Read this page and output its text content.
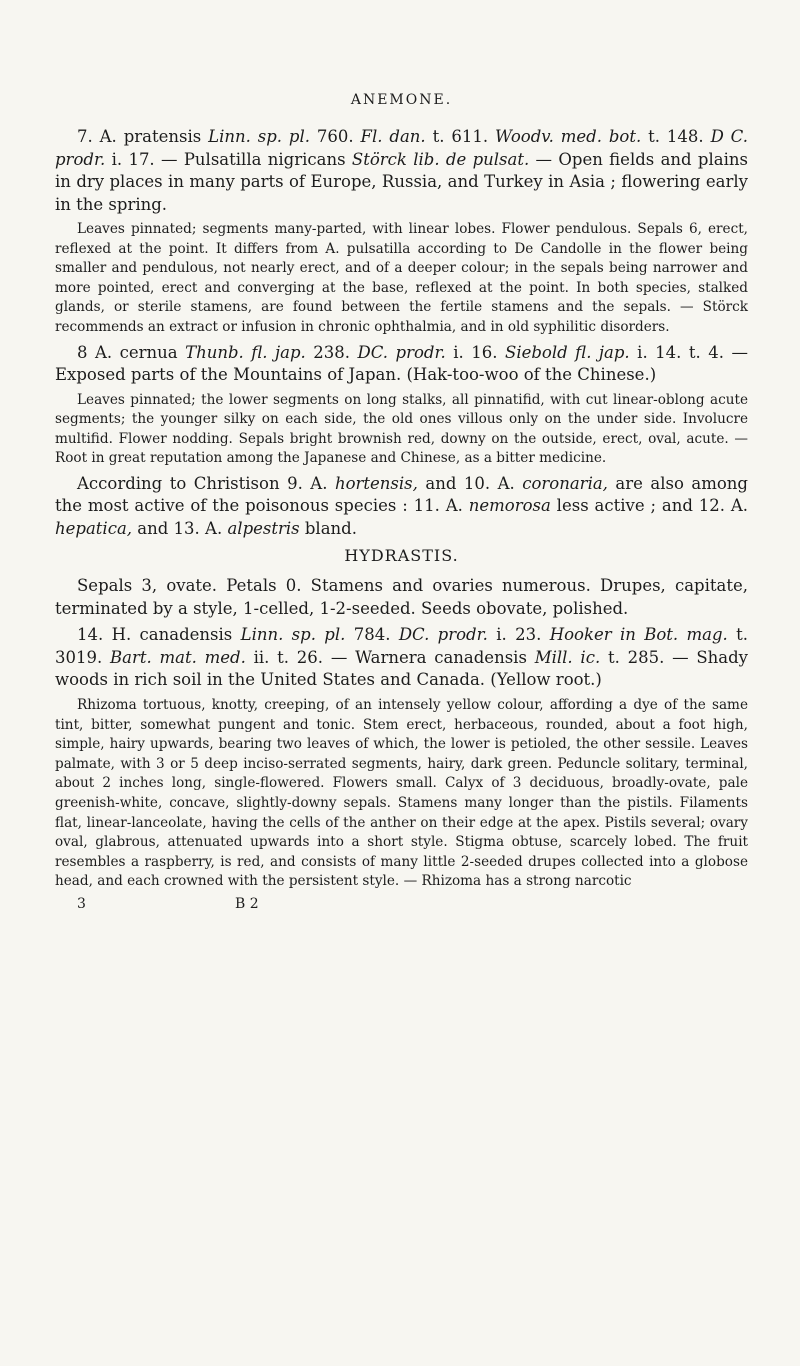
ANEMONE.

7. A. pratensis Linn. sp. pl. 760. Fl. dan. t. 611. Woodv. med. bot. t. 148. D C. prodr. i. 17. — Pulsatilla nigricans Störck lib. de pulsat. — Open fields and plains in dry places in many parts of Europe, Russia, and Turkey in Asia ; flowering early in the spring.

Leaves pinnated; segments many-parted, with linear lobes. Flower pendulous. Sepals 6, erect, reflexed at the point. It differs from A. pulsatilla according to De Candolle in the flower being smaller and pendulous, not nearly erect, and of a deeper colour; in the sepals being narrower and more pointed, erect and converging at the base, reflexed at the point. In both species, stalked glands, or sterile stamens, are found between the fertile stamens and the sepals. — Störck recommends an extract or infusion in chronic ophthalmia, and in old syphilitic disorders.

8 A. cernua Thunb. fl. jap. 238. DC. prodr. i. 16. Siebold fl. jap. i. 14. t. 4. — Exposed parts of the Mountains of Japan. (Hak-too-woo of the Chinese.)

Leaves pinnated; the lower segments on long stalks, all pinnatifid, with cut linear-oblong acute segments; the younger silky on each side, the old ones villous only on the under side. Involucre multifid. Flower nodding. Sepals bright brownish red, downy on the outside, erect, oval, acute. — Root in great reputation among the Japanese and Chinese, as a bitter medicine.

According to Christison 9. A. hortensis, and 10. A. coronaria, are also among the most active of the poisonous species : 11. A. nemorosa less active ; and 12. A. hepatica, and 13. A. alpestris bland.

HYDRASTIS.

Sepals 3, ovate. Petals 0. Stamens and ovaries numerous. Drupes, capitate, terminated by a style, 1-celled, 1-2-seeded. Seeds obovate, polished.

14. H. canadensis Linn. sp. pl. 784. DC. prodr. i. 23. Hooker in Bot. mag. t. 3019. Bart. mat. med. ii. t. 26. — Warnera canadensis Mill. ic. t. 285. — Shady woods in rich soil in the United States and Canada. (Yellow root.)

Rhizoma tortuous, knotty, creeping, of an intensely yellow colour, affording a dye of the same tint, bitter, somewhat pungent and tonic. Stem erect, herbaceous, rounded, about a foot high, simple, hairy upwards, bearing two leaves of which, the lower is petioled, the other sessile. Leaves palmate, with 3 or 5 deep inciso-serrated segments, hairy, dark green. Peduncle solitary, terminal, about 2 inches long, single-flowered. Flowers small. Calyx of 3 deciduous, broadly-ovate, pale greenish-white, concave, slightly-downy sepals. Stamens many longer than the pistils. Filaments flat, linear-lanceolate, having the cells of the anther on their edge at the apex. Pistils several; ovary oval, glabrous, attenuated upwards into a short style. Stigma obtuse, scarcely lobed. The fruit resembles a raspberry, is red, and consists of many little 2-seeded drupes collected into a globose head, and each crowned with the persistent style. — Rhizoma has a strong narcotic

3	B 2
